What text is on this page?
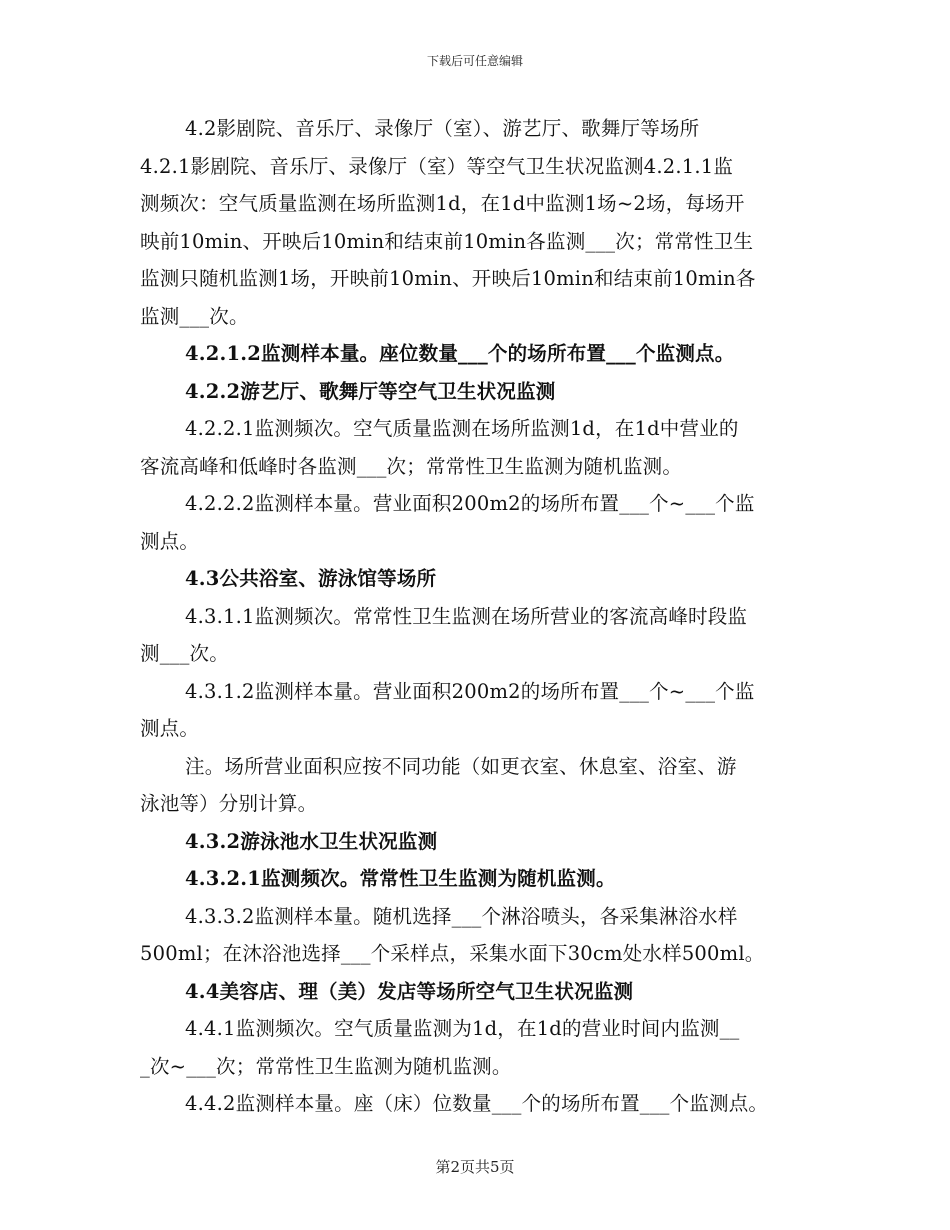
下载后可任意编辑
4.2影剧院、音乐厅、录像厅（室）、游艺厅、歌舞厅等场所
4.2.1影剧院、音乐厅、录像厅（室）等空气卫生状况监测4.2.1.1监
测频次：空气质量监测在场所监测1d，在1d中监测1场~2场，每场开
映前10min、开映后10min和结束前10min各监测___次；常常性卫生
监测只随机监测1场，开映前10min、开映后10min和结束前10min各
监测___次。
4.2.1.2监测样本量。座位数量___个的场所布置___个监测点。
4.2.2游艺厅、歌舞厅等空气卫生状况监测
4.2.2.1监测频次。空气质量监测在场所监测1d，在1d中营业的
客流高峰和低峰时各监测___次；常常性卫生监测为随机监测。
4.2.2.2监测样本量。营业面积200m2的场所布置___个~___个监
测点。
4.3公共浴室、游泳馆等场所
4.3.1.1监测频次。常常性卫生监测在场所营业的客流高峰时段监
测___次。
4.3.1.2监测样本量。营业面积200m2的场所布置___个~___个监
测点。
注。场所营业面积应按不同功能（如更衣室、休息室、浴室、游
泳池等）分别计算。
4.3.2游泳池水卫生状况监测
4.3.2.1监测频次。常常性卫生监测为随机监测。
4.3.3.2监测样本量。随机选择___个淋浴喷头，各采集淋浴水样
500ml；在沐浴池选择___个采样点，采集水面下30cm处水样500ml。
4.4美容店、理（美）发店等场所空气卫生状况监测
4.4.1监测频次。空气质量监测为1d，在1d的营业时间内监测__
_次~___次；常常性卫生监测为随机监测。
4.4.2监测样本量。座（床）位数量___个的场所布置___个监测点。
第2页共5页
